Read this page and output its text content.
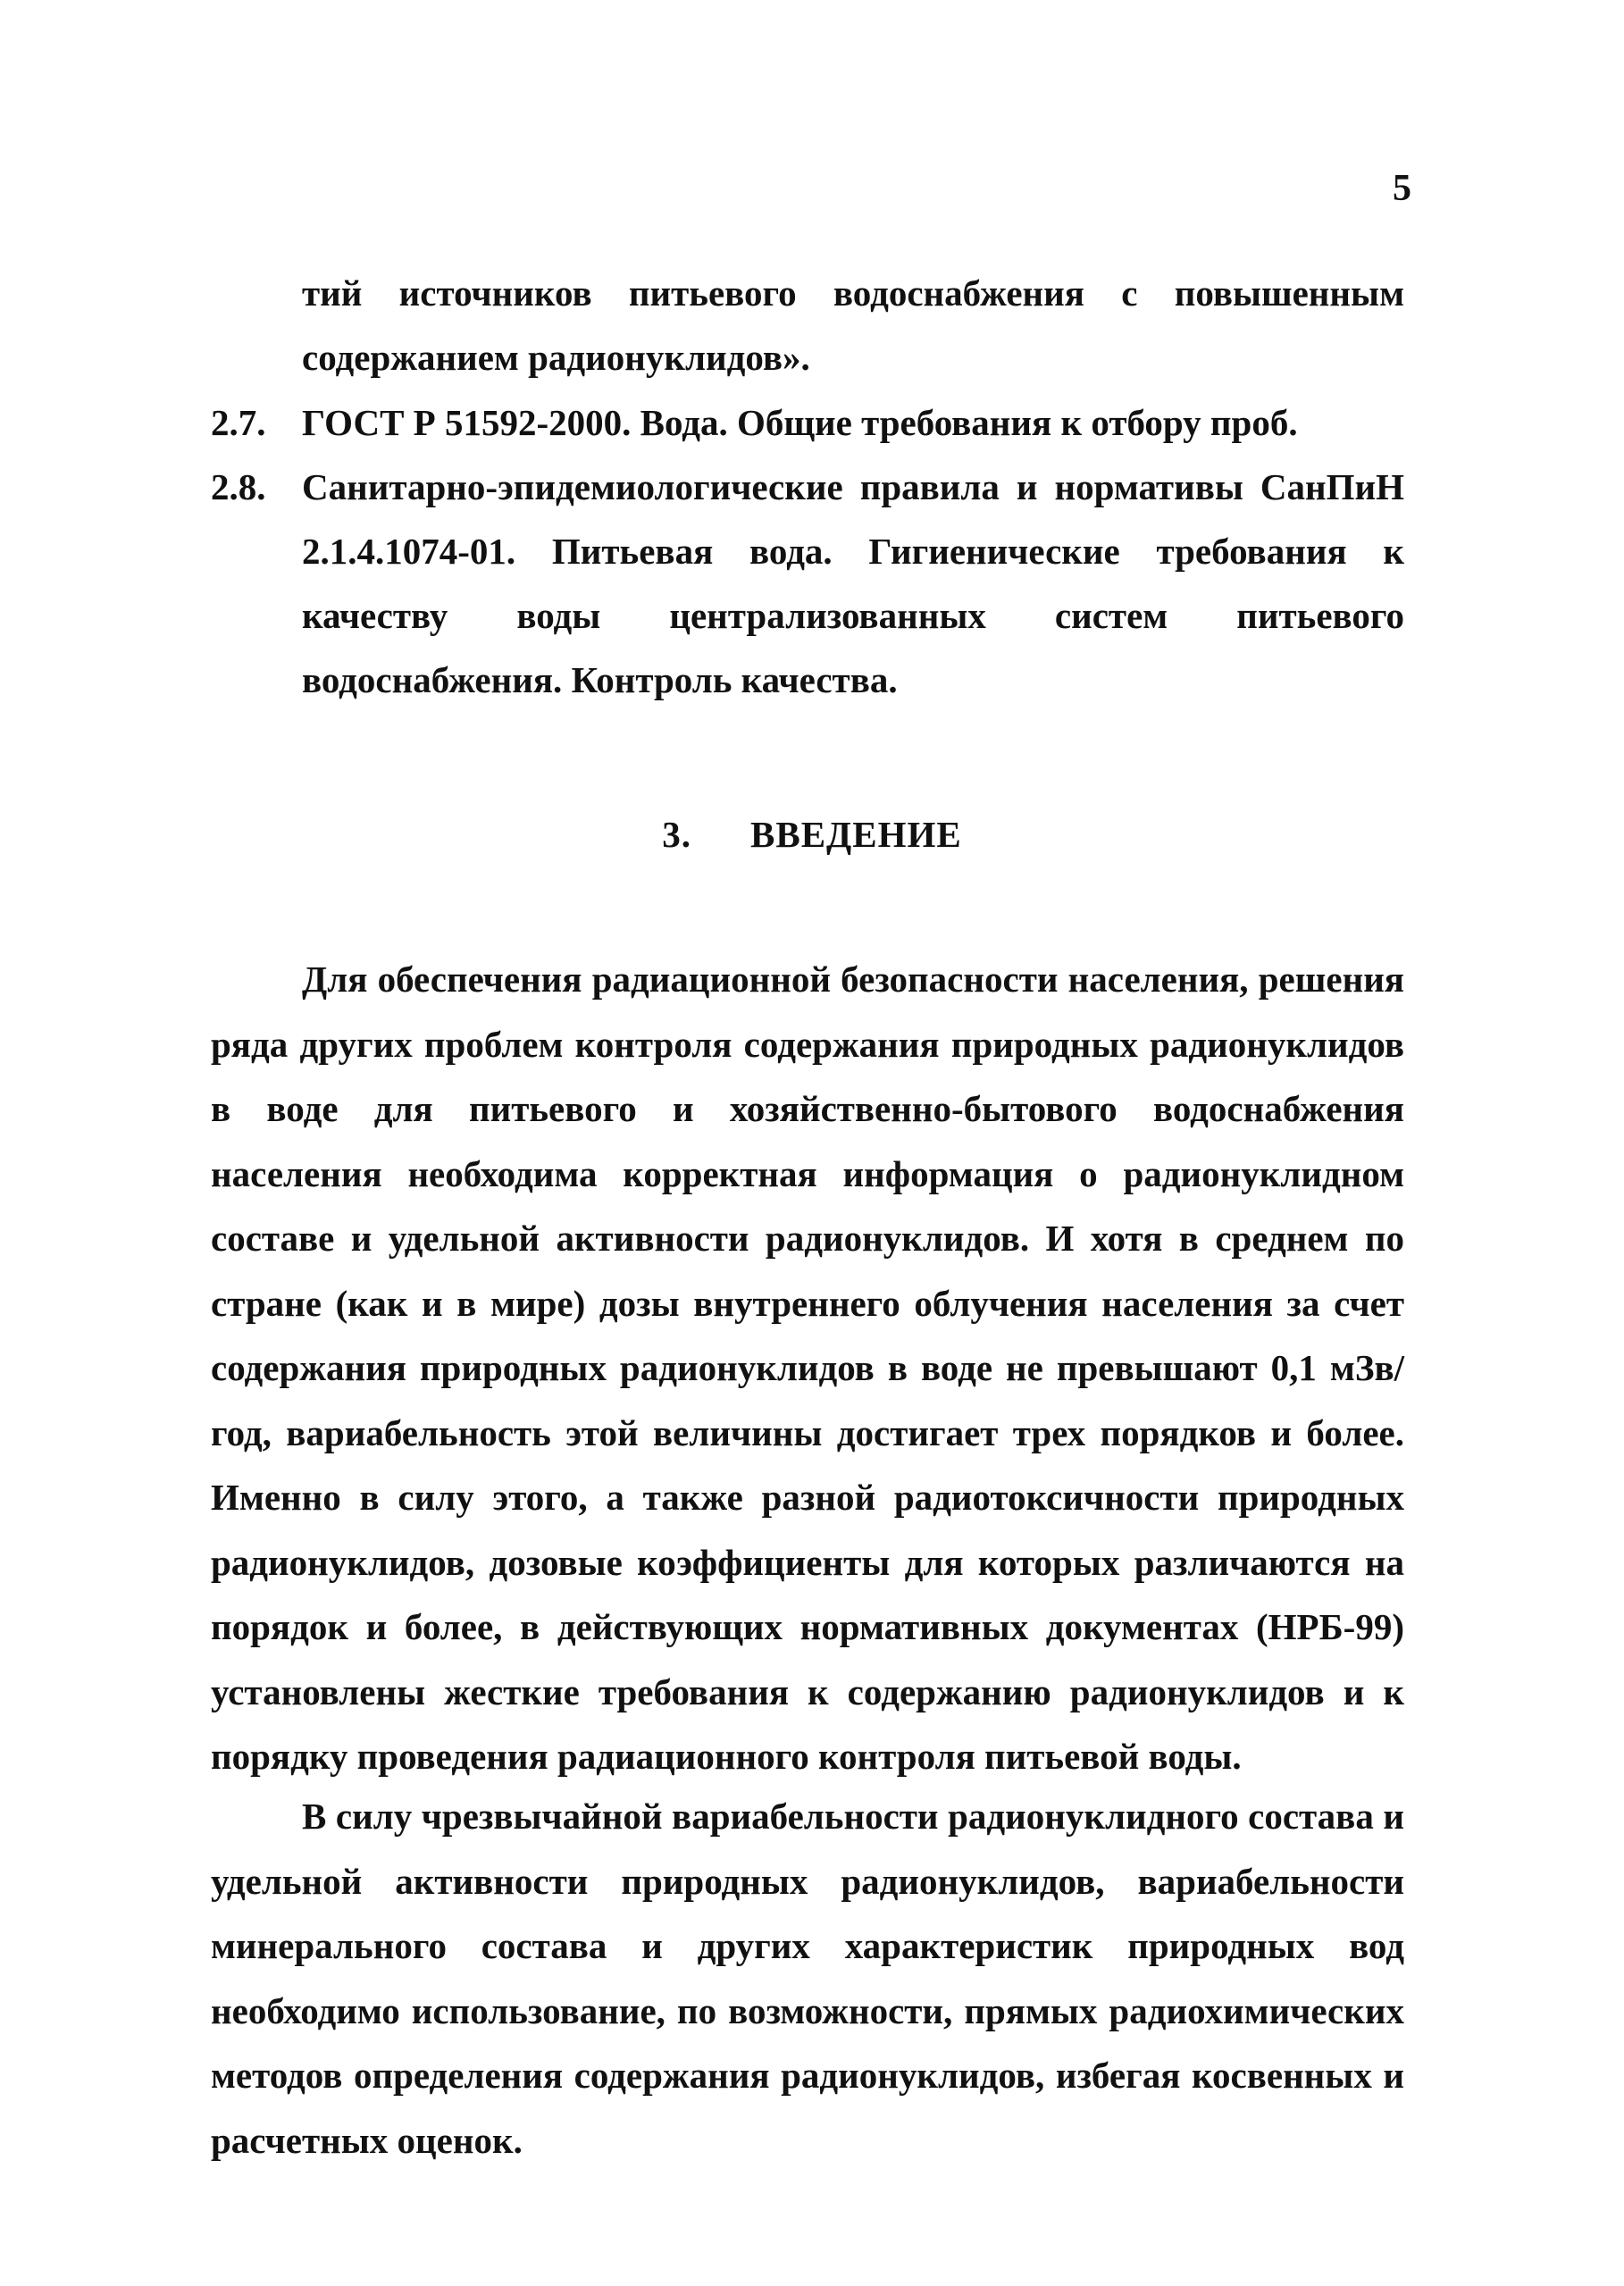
5
тий источников питьевого водоснабжения с повышенным содержанием радионуклидов».
2.7. ГОСТ Р 51592-2000. Вода. Общие требования к отбору проб.
2.8. Санитарно-эпидемиологические правила и нормативы СанПиН 2.1.4.1074-01. Питьевая вода. Гигиенические требования к качеству воды централизованных систем питьевого водоснабжения. Контроль качества.
3. ВВЕДЕНИЕ

Для обеспечения радиационной безопасности населения, решения ряда других проблем контроля содержания природных радионуклидов в воде для питьевого и хозяйственно-бытового водоснабжения населения необходима корректная информация о радионуклидном составе и удельной активности радионуклидов. И хотя в среднем по стране (как и в мире) дозы внутреннего облучения населения за счет содержания природных радионуклидов в воде не превышают 0,1 мЗв/год, вариабельность этой величины достигает трех порядков и более. Именно в силу этого, а также разной радиотоксичности природных радионуклидов, дозовые коэффициенты для которых различаются на порядок и более, в действующих нормативных документах (НРБ-99) установлены жесткие требования к содержанию радионуклидов и к порядку проведения радиационного контроля питьевой воды.

В силу чрезвычайной вариабельности радионуклидного состава и удельной активности природных радионуклидов, вариабельности минерального состава и других характеристик природных вод необходимо использование, по возможности, прямых радиохимических методов определения содержания радионуклидов, избегая косвенных и расчетных оценок.
